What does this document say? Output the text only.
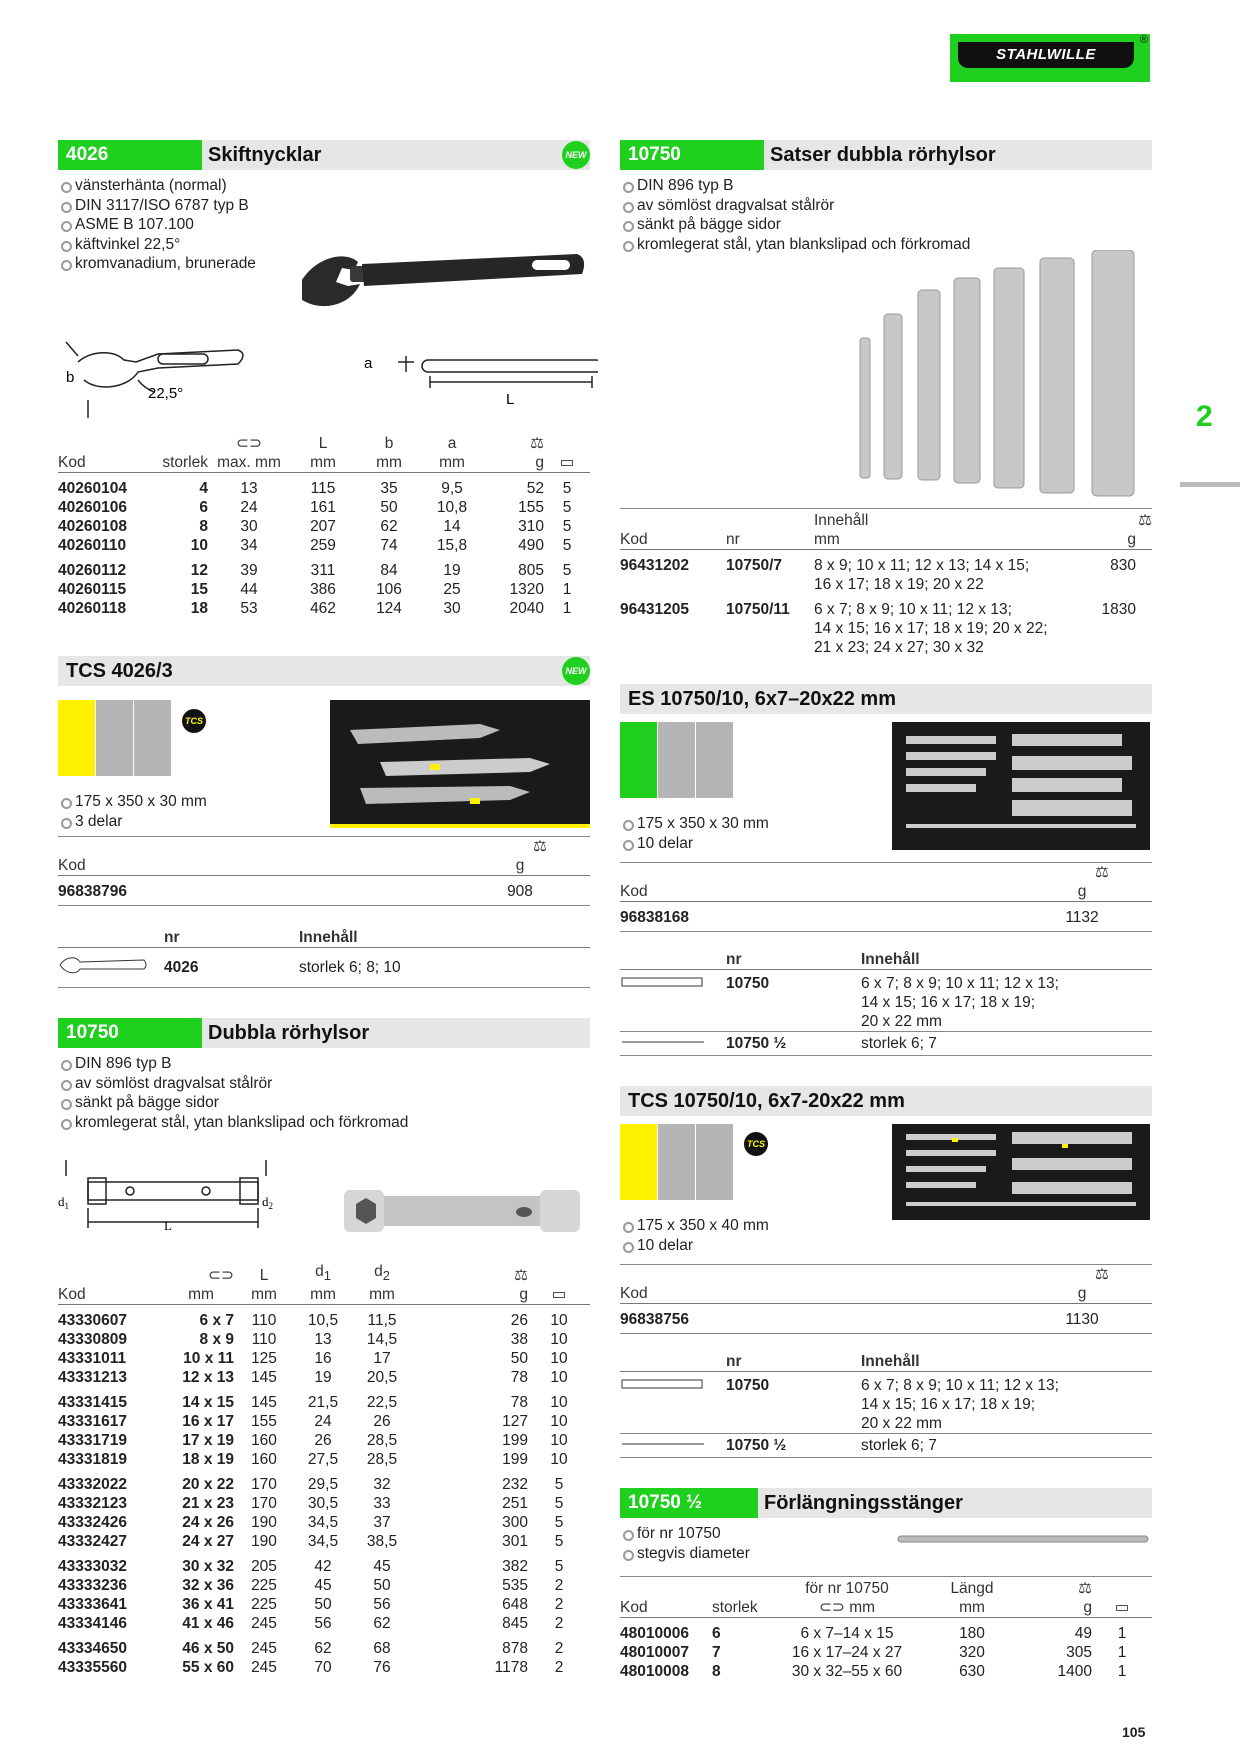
STAHLWILLE
®
2
4026	Skiftnycklar	NEW
vänsterhänta (normal)
DIN 3117/ISO 6787 typ B
ASME B 107.100
käftvinkel 22,5°
kromvanadium, brunerade
b
22,5°
a
L
		⊂⊃	L	b	a	⚖	
Kod	storlek	max. mm	mm	mm	mm	g	▭
40260104	4	13	115	35	9,5	52	5
40260106	6	24	161	50	10,8	155	5
40260108	8	30	207	62	14	310	5
40260110	10	34	259	74	15,8	490	5
40260112	12	39	311	84	19	805	5
40260115	15	44	386	106	25	1320	1
40260118	18	53	462	124	30	2040	1
TCS 4026/3	NEW
TCS
175 x 350 x 30 mm
3 delar
	⚖
Kod	g
96838796	908
	nr	Innehåll
	4026	storlek 6; 8; 10
10750	Dubbla rörhylsor
DIN 896 typ B
av sömlöst dragvalsat stålrör
sänkt på bägge sidor
kromlegerat stål, ytan blankslipad och förkromad
$d_1$	$d_2$
L
	⊂⊃	L	$d_1$	$d_2$	⚖	
Kod	mm	mm	mm	mm	g	▭
43330607	6 x 7	110	10,5	11,5	26	10
43330809	8 x 9	110	13	14,5	38	10
43331011	10 x 11	125	16	17	50	10
43331213	12 x 13	145	19	20,5	78	10
43331415	14 x 15	145	21,5	22,5	78	10
43331617	16 x 17	155	24	26	127	10
43331719	17 x 19	160	26	28,5	199	10
43331819	18 x 19	160	27,5	28,5	199	10
43332022	20 x 22	170	29,5	32	232	5
43332123	21 x 23	170	30,5	33	251	5
43332426	24 x 26	190	34,5	37	300	5
43332427	24 x 27	190	34,5	38,5	301	5
43333032	30 x 32	205	42	45	382	5
43333236	32 x 36	225	45	50	535	2
43333641	36 x 41	225	50	56	648	2
43334146	41 x 46	245	56	62	845	2
43334650	46 x 50	245	62	68	878	2
43335560	55 x 60	245	70	76	1178	2
10750	Satser dubbla rörhylsor
DIN 896 typ B
av sömlöst dragvalsat stålrör
sänkt på bägge sidor
kromlegerat stål, ytan blankslipad och förkromad
		Innehåll	⚖
Kod	nr	mm	g
96431202	10750/7	8 x 9; 10 x 11; 12 x 13; 14 x 15;
16 x 17; 18 x 19; 20 x 22	830
96431205	10750/11	6 x 7; 8 x 9; 10 x 11; 12 x 13;
14 x 15; 16 x 17; 18 x 19; 20 x 22;
21 x 23; 24 x 27; 30 x 32	1830
ES 10750/10, 6x7–20x22 mm
175 x 350 x 30 mm
10 delar
	⚖
Kod	g
96838168	1132
	nr	Innehåll
	10750	6 x 7; 8 x 9; 10 x 11; 12 x 13;
14 x 15; 16 x 17; 18 x 19;
20 x 22 mm

	10750 ½	storlek 6; 7
TCS 10750/10, 6x7-20x22 mm
TCS
175 x 350 x 40 mm
10 delar
	⚖
Kod	g
96838756	1130
	nr	Innehåll
	10750	6 x 7; 8 x 9; 10 x 11; 12 x 13;
14 x 15; 16 x 17; 18 x 19;
20 x 22 mm

	10750 ½	storlek 6; 7
10750 ½	Förlängningsstänger
för nr 10750
stegvis diameter
		för nr 10750	Längd	⚖	
Kod	storlek	⊂⊃ mm	mm	g	▭
48010006	6	6 x 7–14 x 15	180	49	1
48010007	7	16 x 17–24 x 27	320	305	1
48010008	8	30 x 32–55 x 60	630	1400	1
105
